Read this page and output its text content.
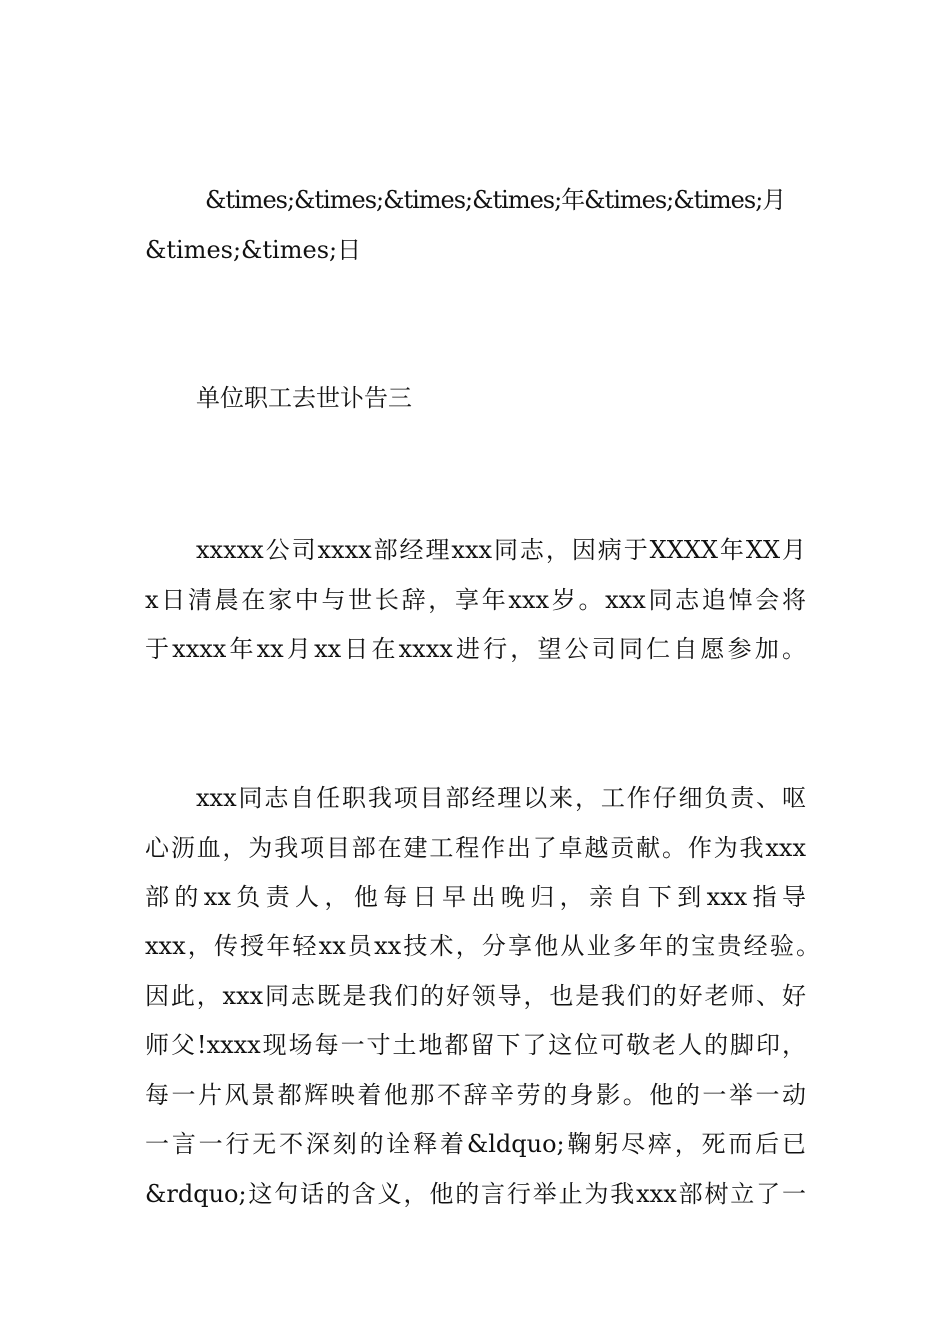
&times;&times;&times;&times;年&times;&times;月
&times;&times;日
单位职工去世讣告三
xxxxx公司xxxx部经理xxx同志，因病于XXXX年XX月
x日清晨在家中与世长辞，享年xxx岁。xxx同志追悼会将
于xxxx年xx月xx日在xxxx进行，望公司同仁自愿参加。
xxx同志自任职我项目部经理以来，工作仔细负责、呕
心沥血，为我项目部在建工程作出了卓越贡献。作为我xxx
部的xx负责人，他每日早出晚归，亲自下到xxx指导
xxx，传授年轻xx员xx技术，分享他从业多年的宝贵经验。
因此，xxx同志既是我们的好领导，也是我们的好老师、好
师父!xxxx现场每一寸土地都留下了这位可敬老人的脚印，
每一片风景都辉映着他那不辞辛劳的身影。他的一举一动
一言一行无不深刻的诠释着&ldquo;鞠躬尽瘁，死而后已
&rdquo;这句话的含义，他的言行举止为我xxx部树立了一
